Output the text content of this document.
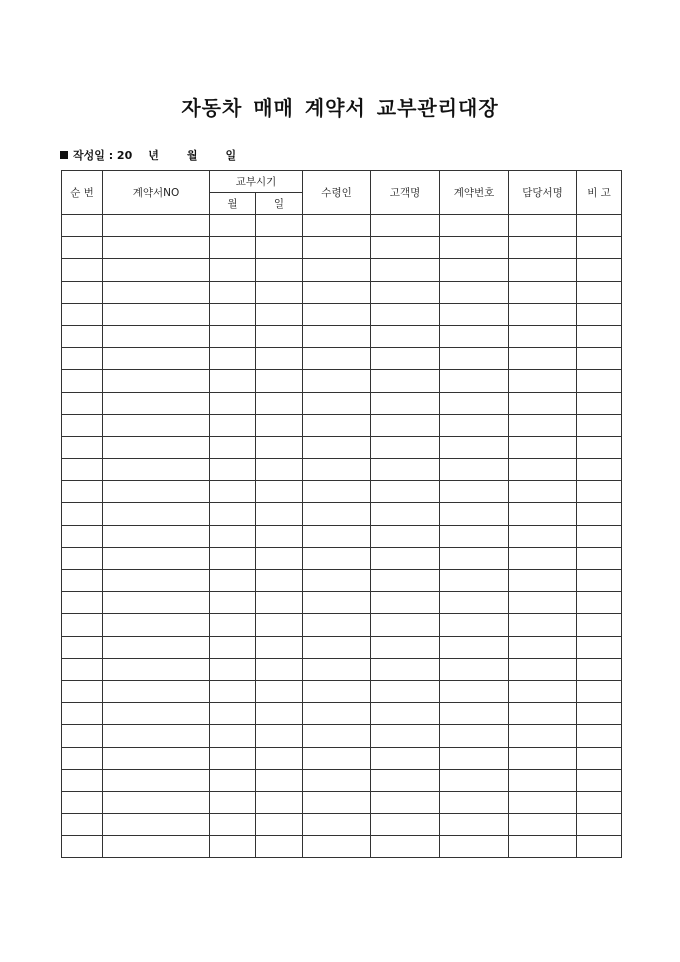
자동차 매매 계약서 교부관리대장
작성일 : 20 년	월	일
순 번	계약서NO	교부시기		수령인	고객명	계약번호	담당서명	비 고
		월	일					
